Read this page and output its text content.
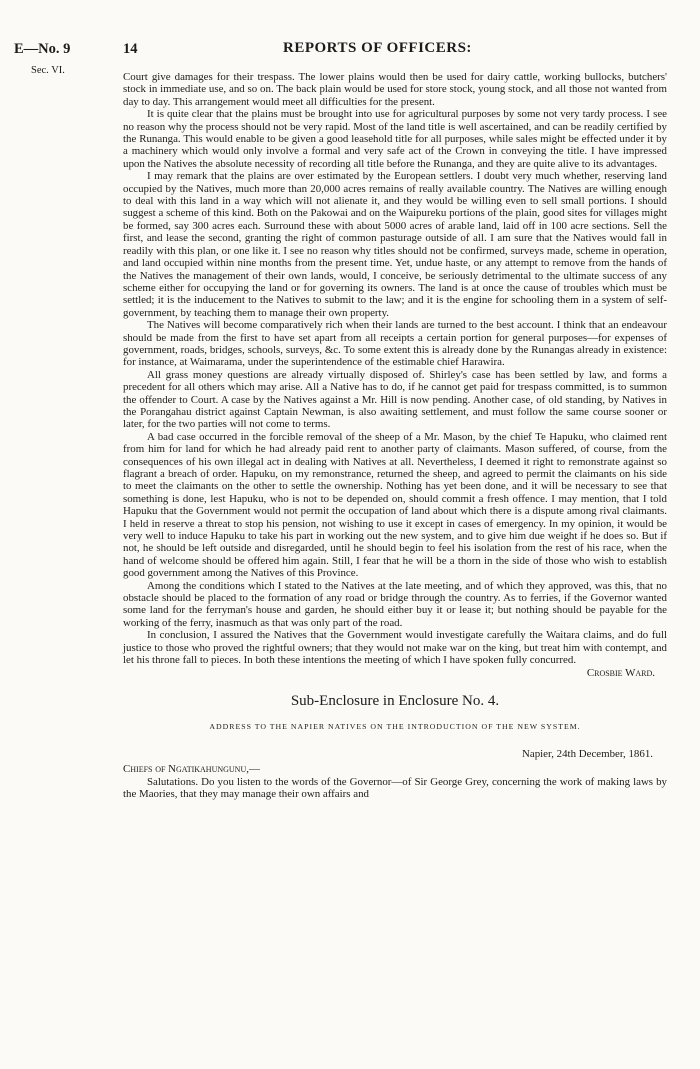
E—No. 9
Sec. VI.
14	REPORTS OF OFFICERS:

Court give damages for their trespass. The lower plains would then be used for dairy cattle, working bullocks, butchers' stock in immediate use, and so on. The back plain would be used for store stock, young stock, and all those not wanted from day to day. This arrangement would meet all difficulties for the present.

It is quite clear that the plains must be brought into use for agricultural purposes by some not very tardy process. I see no reason why the process should not be very rapid. Most of the land title is well ascertained, and can be readily certified by the Runanga. This would enable to be given a good leasehold title for all purposes, while sales might be effected under it by a machinery which would only involve a formal and very safe act of the Crown in conveying the title. I have impressed upon the Natives the absolute necessity of recording all title before the Runanga, and they are quite alive to its advantages.

I may remark that the plains are over estimated by the European settlers. I doubt very much whether, reserving land occupied by the Natives, much more than 20,000 acres remains of really available country. The Natives are willing enough to deal with this land in a way which will not alienate it, and they would be willing even to sell small portions. I should suggest a scheme of this kind. Both on the Pakowai and on the Waipureku portions of the plain, good sites for villages might be formed, say 300 acres each. Surround these with about 5000 acres of arable land, laid off in 100 acre sections. Sell the first, and lease the second, granting the right of common pasturage outside of all. I am sure that the Natives would fall in readily with this plan, or one like it. I see no reason why titles should not be confirmed, surveys made, scheme in operation, and land occupied within nine months from the present time. Yet, undue haste, or any attempt to remove from the hands of the Natives the management of their own lands, would, I conceive, be seriously detrimental to the ultimate success of any scheme either for occupying the land or for governing its owners. The land is at once the cause of troubles which must be settled; it is the inducement to the Natives to submit to the law; and it is the engine for schooling them in a system of self-government, by teaching them to manage their own property.

The Natives will become comparatively rich when their lands are turned to the best account. I think that an endeavour should be made from the first to have set apart from all receipts a certain portion for general purposes—for expenses of government, roads, bridges, schools, surveys, &c. To some extent this is already done by the Runangas already in existence: for instance, at Waimarama, under the superintendence of the estimable chief Harawira.

All grass money questions are already virtually disposed of. Shirley's case has been settled by law, and forms a precedent for all others which may arise. All a Native has to do, if he cannot get paid for trespass committed, is to summon the offender to Court. A case by the Natives against a Mr. Hill is now pending. Another case, of old standing, by Natives in the Porangahau district against Captain Newman, is also awaiting settlement, and must follow the same course sooner or later, for the two parties will not come to terms.

A bad case occurred in the forcible removal of the sheep of a Mr. Mason, by the chief Te Hapuku, who claimed rent from him for land for which he had already paid rent to another party of claimants. Mason suffered, of course, from the consequences of his own illegal act in dealing with Natives at all. Nevertheless, I deemed it right to remonstrate against so flagrant a breach of order. Hapuku, on my remonstrance, returned the sheep, and agreed to permit the claimants on his side to meet the claimants on the other to settle the ownership. Nothing has yet been done, and it will be necessary to see that something is done, lest Hapuku, who is not to be depended on, should commit a fresh offence. I may mention, that I told Hapuku that the Government would not permit the occupation of land about which there is a dispute among rival claimants. I held in reserve a threat to stop his pension, not wishing to use it except in cases of emergency. In my opinion, it would be very well to induce Hapuku to take his part in working out the new system, and to give him due weight if he does so. But if not, he should be left outside and disregarded, until he should begin to feel his isolation from the rest of his race, when the hand of welcome should be offered him again. Still, I fear that he will be a thorn in the side of those who wish to establish good government among the Natives of this Province.

Among the conditions which I stated to the Natives at the late meeting, and of which they approved, was this, that no obstacle should be placed to the formation of any road or bridge through the country. As to ferries, if the Governor wanted some land for the ferryman's house and garden, he should either buy it or lease it; but nothing should be payable for the working of the ferry, inasmuch as that was only part of the road.

In conclusion, I assured the Natives that the Government would investigate carefully the Waitara claims, and do full justice to those who proved the rightful owners; that they would not make war on the king, but treat him with contempt, and let his throne fall to pieces. In both these intentions the meeting of which I have spoken fully concurred.

Crosbie Ward.
Sub-Enclosure in Enclosure No. 4.
ADDRESS TO THE NAPIER NATIVES ON THE INTRODUCTION OF THE NEW SYSTEM.
Napier, 24th December, 1861.
Chiefs of Ngatikahungunu,—

Salutations. Do you listen to the words of the Governor—of Sir George Grey, concerning the work of making laws by the Maories, that they may manage their own affairs and
